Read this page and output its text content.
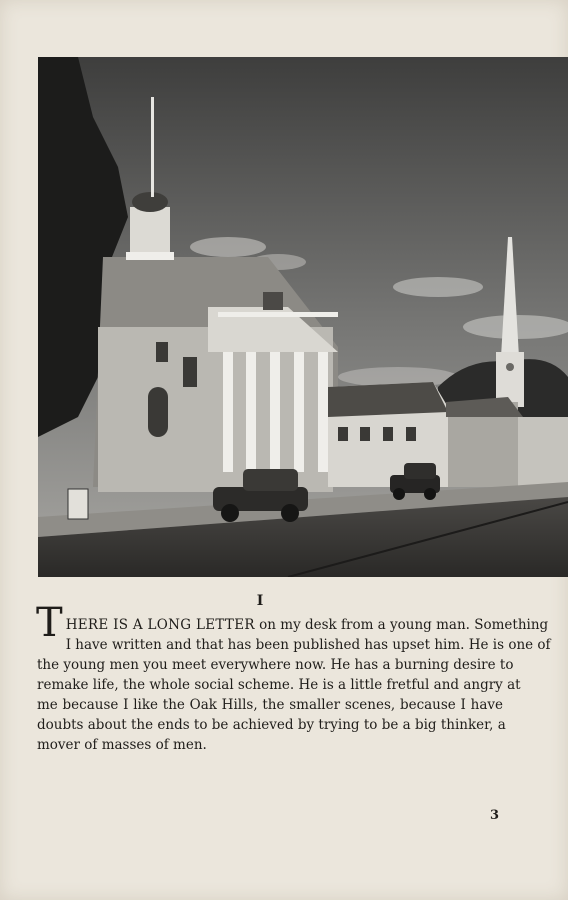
I
T HERE IS A LONG LETTER on my desk from a young man. Something
I have written and that has been published has upset him. He is one of
the young men you meet everywhere now. He has a burning desire to
remake life, the whole social scheme. He is a little fretful and angry at
me because I like the Oak Hills, the smaller scenes, because I have
doubts about the ends to be achieved by trying to be a big thinker, a
mover of masses of men.
3
